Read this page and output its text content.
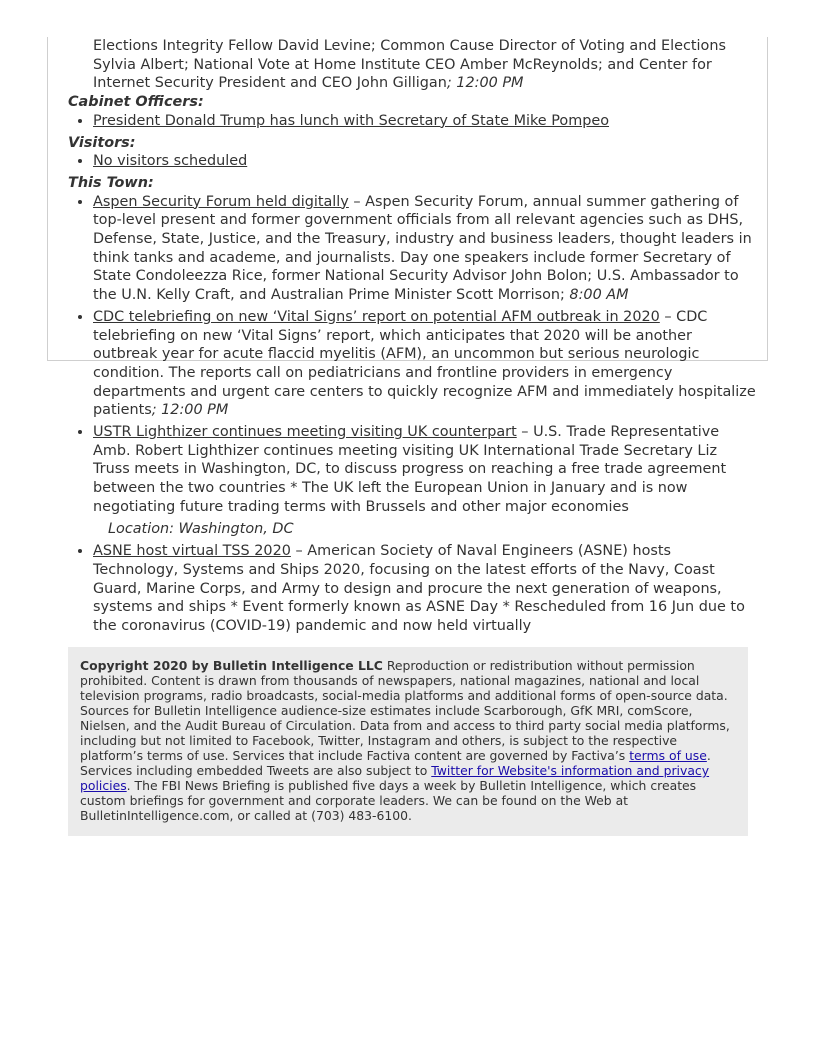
Elections Integrity Fellow David Levine; Common Cause Director of Voting and Elections Sylvia Albert; National Vote at Home Institute CEO Amber McReynolds; and Center for Internet Security President and CEO John Gilligan; 12:00 PM

Cabinet Officers:

• President Donald Trump has lunch with Secretary of State Mike Pompeo

Visitors:

• No visitors scheduled

This Town:

• Aspen Security Forum held digitally – Aspen Security Forum, annual summer gathering of top-level present and former government officials from all relevant agencies such as DHS, Defense, State, Justice, and the Treasury, industry and business leaders, thought leaders in think tanks and academe, and journalists. Day one speakers include former Secretary of State Condoleezza Rice, former National Security Advisor John Bolon; U.S. Ambassador to the U.N. Kelly Craft, and Australian Prime Minister Scott Morrison; 8:00 AM
• CDC telebriefing on new ‘Vital Signs’ report on potential AFM outbreak in 2020 – CDC telebriefing on new ‘Vital Signs’ report, which anticipates that 2020 will be another outbreak year for acute flaccid myelitis (AFM), an uncommon but serious neurologic condition. The reports call on pediatricians and frontline providers in emergency departments and urgent care centers to quickly recognize AFM and immediately hospitalize patients; 12:00 PM
• USTR Lighthizer continues meeting visiting UK counterpart – U.S. Trade Representative Amb. Robert Lighthizer continues meeting visiting UK International Trade Secretary Liz Truss meets in Washington, DC, to discuss progress on reaching a free trade agreement between the two countries * The UK left the European Union in January and is now negotiating future trading terms with Brussels and other major economies
Location: Washington, DC
• ASNE host virtual TSS 2020 – American Society of Naval Engineers (ASNE) hosts Technology, Systems and Ships 2020, focusing on the latest efforts of the Navy, Coast Guard, Marine Corps, and Army to design and procure the next generation of weapons, systems and ships * Event formerly known as ASNE Day * Rescheduled from 16 Jun due to the coronavirus (COVID-19) pandemic and now held virtually
Copyright 2020 by Bulletin Intelligence LLC Reproduction or redistribution without permission prohibited. Content is drawn from thousands of newspapers, national magazines, national and local television programs, radio broadcasts, social-media platforms and additional forms of open-source data. Sources for Bulletin Intelligence audience-size estimates include Scarborough, GfK MRI, comScore, Nielsen, and the Audit Bureau of Circulation. Data from and access to third party social media platforms, including but not limited to Facebook, Twitter, Instagram and others, is subject to the respective platform’s terms of use. Services that include Factiva content are governed by Factiva’s terms of use. Services including embedded Tweets are also subject to Twitter for Website's information and privacy policies. The FBI News Briefing is published five days a week by Bulletin Intelligence, which creates custom briefings for government and corporate leaders. We can be found on the Web at BulletinIntelligence.com, or called at (703) 483-6100.
